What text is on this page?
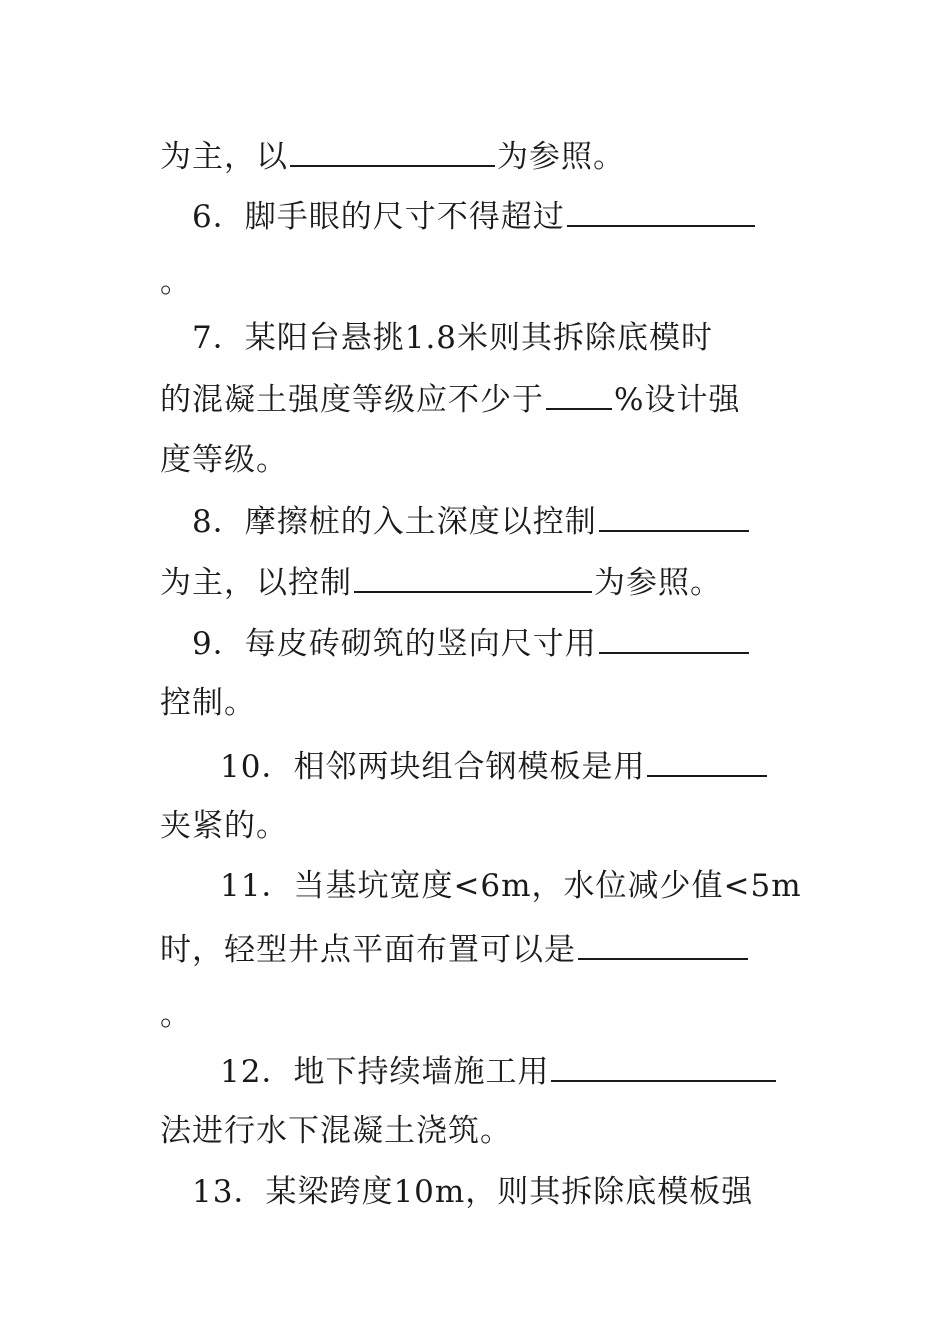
为主，以	为参照。
6．脚手眼的尺寸不得超过
。
7．某阳台悬挑1.8米则其拆除底模时
的混凝土强度等级应不少于 %设计强
度等级。
8．摩擦桩的入土深度以控制
为主，以控制	为参照。
9．每皮砖砌筑的竖向尺寸用
控制。
10．相邻两块组合钢模板是用
夹紧的。
11．当基坑宽度<6m，水位减少值<5m
时，轻型井点平面布置可以是
。
12．地下持续墙施工用
法进行水下混凝土浇筑。
13．某梁跨度10m，则其拆除底模板强
